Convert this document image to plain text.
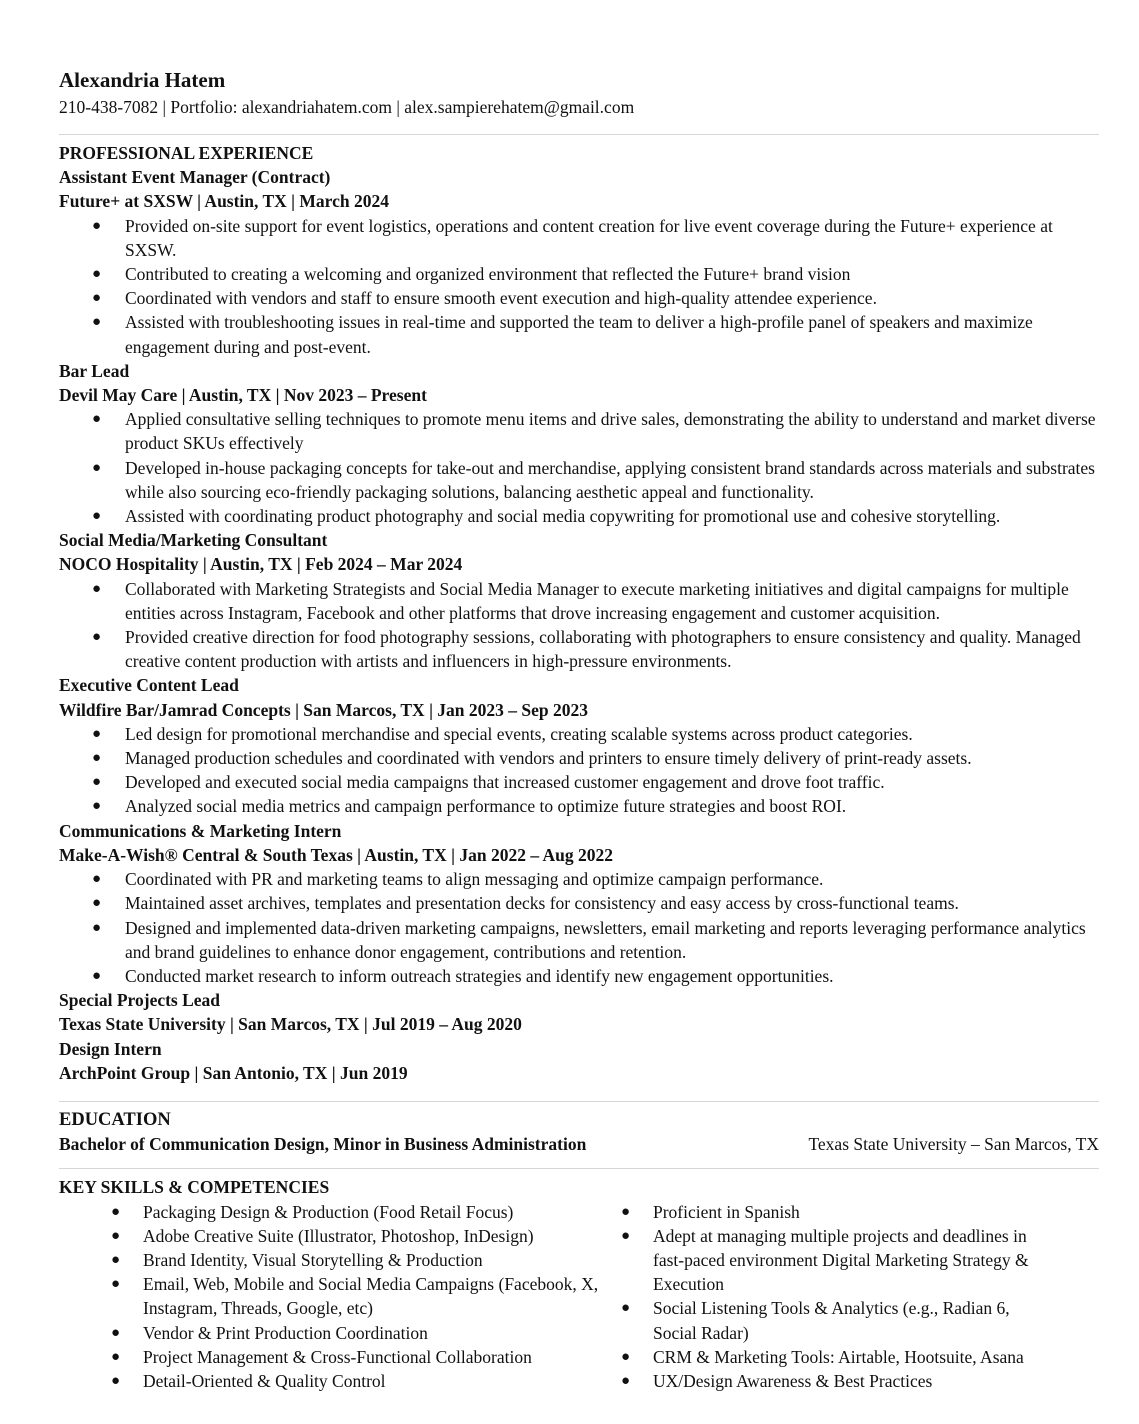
Alexandria Hatem

210-438-7082 | Portfolio: alexandriahatem.com | alex.sampierehatem@gmail.com

PROFESSIONAL EXPERIENCE

Assistant Event Manager (Contract)

Future+ at SXSW | Austin, TX | March 2024

● Provided on-site support for event logistics, operations and content creation for live event coverage during the Future+ experience at SXSW.
● Contributed to creating a welcoming and organized environment that reflected the Future+ brand vision
● Coordinated with vendors and staff to ensure smooth event execution and high-quality attendee experience.
● Assisted with troubleshooting issues in real-time and supported the team to deliver a high-profile panel of speakers and maximize engagement during and post-event.

Bar Lead

Devil May Care | Austin, TX | Nov 2023 – Present

● Applied consultative selling techniques to promote menu items and drive sales, demonstrating the ability to understand and market diverse product SKUs effectively
● Developed in-house packaging concepts for take-out and merchandise, applying consistent brand standards across materials and substrates while also sourcing eco-friendly packaging solutions, balancing aesthetic appeal and functionality.
● Assisted with coordinating product photography and social media copywriting for promotional use and cohesive storytelling.

Social Media/Marketing Consultant

NOCO Hospitality | Austin, TX | Feb 2024 – Mar 2024

● Collaborated with Marketing Strategists and Social Media Manager to execute marketing initiatives and digital campaigns for multiple entities across Instagram, Facebook and other platforms that drove increasing engagement and customer acquisition.
● Provided creative direction for food photography sessions, collaborating with photographers to ensure consistency and quality. Managed creative content production with artists and influencers in high-pressure environments.

Executive Content Lead

Wildfire Bar/Jamrad Concepts | San Marcos, TX | Jan 2023 – Sep 2023

● Led design for promotional merchandise and special events, creating scalable systems across product categories.
● Managed production schedules and coordinated with vendors and printers to ensure timely delivery of print-ready assets.
● Developed and executed social media campaigns that increased customer engagement and drove foot traffic.
● Analyzed social media metrics and campaign performance to optimize future strategies and boost ROI.

Communications & Marketing Intern

Make-A-Wish® Central & South Texas | Austin, TX | Jan 2022 – Aug 2022

● Coordinated with PR and marketing teams to align messaging and optimize campaign performance.
● Maintained asset archives, templates and presentation decks for consistency and easy access by cross-functional teams.
● Designed and implemented data-driven marketing campaigns, newsletters, email marketing and reports leveraging performance analytics and brand guidelines to enhance donor engagement, contributions and retention.
● Conducted market research to inform outreach strategies and identify new engagement opportunities.

Special Projects Lead

Texas State University | San Marcos, TX | Jul 2019 – Aug 2020

Design Intern

ArchPoint Group | San Antonio, TX | Jun 2019

EDUCATION

Bachelor of Communication Design, Minor in Business Administration	Texas State University – San Marcos, TX

KEY SKILLS & COMPETENCIES

● Packaging Design & Production (Food Retail Focus)
● Adobe Creative Suite (Illustrator, Photoshop, InDesign)
● Brand Identity, Visual Storytelling & Production
● Email, Web, Mobile and Social Media Campaigns (Facebook, X, Instagram, Threads, Google, etc)
● Vendor & Print Production Coordination
● Project Management & Cross-Functional Collaboration
● Detail-Oriented & Quality Control
● Proficient in Spanish
● Adept at managing multiple projects and deadlines in fast-paced environment Digital Marketing Strategy & Execution
● Social Listening Tools & Analytics (e.g., Radian 6, Social Radar)
● CRM & Marketing Tools: Airtable, Hootsuite, Asana
● UX/Design Awareness & Best Practices
